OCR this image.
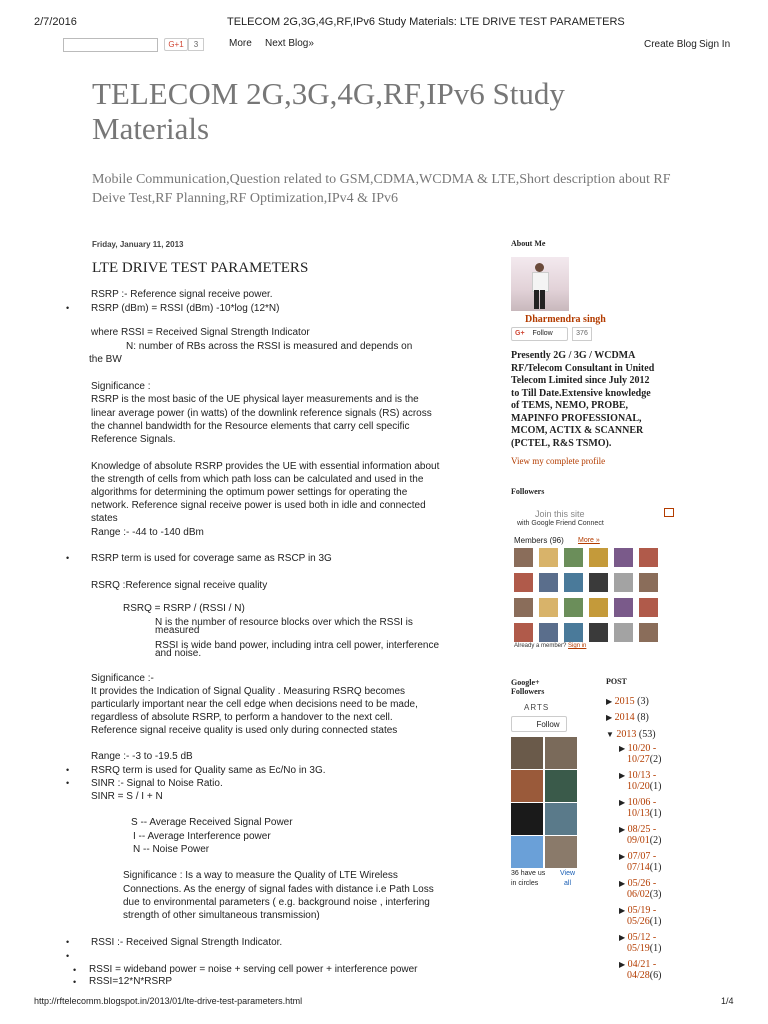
2/7/2016	TELECOM 2G,3G,4G,RF,IPv6 Study Materials: LTE DRIVE TEST PARAMETERS
G+1	3	More Next Blog»	Create Blog Sign In
TELECOM 2G,3G,4G,RF,IPv6 Study
Materials
Mobile Communication,Question related to GSM,CDMA,WCDMA & LTE,Short description about RF
Deive Test,RF Planning,RF Optimization,IPv4 & IPv6
Friday, January 11, 2013
LTE DRIVE TEST PARAMETERS
RSRP :- Reference signal receive power.
• RSRP (dBm) = RSSI (dBm) -10*log (12*N)
where RSSI = Received Signal Strength Indicator
N: number of RBs across the RSSI is measured and depends on
the BW
Significance :
RSRP is the most basic of the UE physical layer measurements and is the
linear average power (in watts) of the downlink reference signals (RS) across
the channel bandwidth for the Resource elements that carry cell specific
Reference Signals.
Knowledge of absolute RSRP provides the UE with essential information about
the strength of cells from which path loss can be calculated and used in the
algorithms for determining the optimum power settings for operating the
network. Reference signal receive power is used both in idle and connected
states
Range :- -44 to -140 dBm
• RSRP term is used for coverage same as RSCP in 3G
RSRQ :Reference signal receive quality
RSRQ = RSRP / (RSSI / N)
N is the number of resource blocks over which the RSSI is
measured
RSSI is wide band power, including intra cell power, interference
and noise.
Significance :-
It provides the Indication of Signal Quality . Measuring RSRQ becomes
particularly important near the cell edge when decisions need to be made,
regardless of absolute RSRP, to perform a handover to the next cell.
Reference signal receive quality is used only during connected states
Range :- -3 to -19.5 dB
• RSRQ term is used for Quality same as Ec/No in 3G.
• SINR :- Signal to Noise Ratio.
SINR = S / I + N
S -- Average Received Signal Power
I -- Average Interference power
N -- Noise Power
Significance : Is a way to measure the Quality of LTE Wireless
Connections. As the energy of signal fades with distance i.e Path Loss
due to environmental parameters ( e.g. background noise , interfering
strength of other simultaneous transmission)
• RSSI :- Received Signal Strength Indicator.
•
• RSSI = wideband power = noise + serving cell power + interference power
• RSSI=12*N*RSRP
About Me
Dharmendra singh
G+ Follow	376
Presently 2G / 3G / WCDMA
RF/Telecom Consultant in United
Telecom Limited since July 2012
to Till Date.Extensive knowledge
of TEMS, NEMO, PROBE,
MAPINFO PROFESSIONAL,
MCOM, ACTIX & SCANNER
(PCTEL, R&S TSMO).
View my complete profile
Followers
Join this site
with Google Friend Connect
Members (96) More »
Already a member? Sign in
Google+
Followers
ARTS
Follow
36 have us
in circles
View
all
POST
▶ 2015 (3)
▶ 2014 (8)
▼ 2013 (53)
▶ 10/20 -
10/27(2)
▶ 10/13 -
10/20(1)
▶ 10/06 -
10/13(1)
▶ 08/25 -
09/01(2)
▶ 07/07 -
07/14(1)
▶ 05/26 -
06/02(3)
▶ 05/19 -
05/26(1)
▶ 05/12 -
05/19(1)
▶ 04/21 -
04/28(6)
http://rftelecomm.blogspot.in/2013/01/lte-drive-test-parameters.html	1/4
